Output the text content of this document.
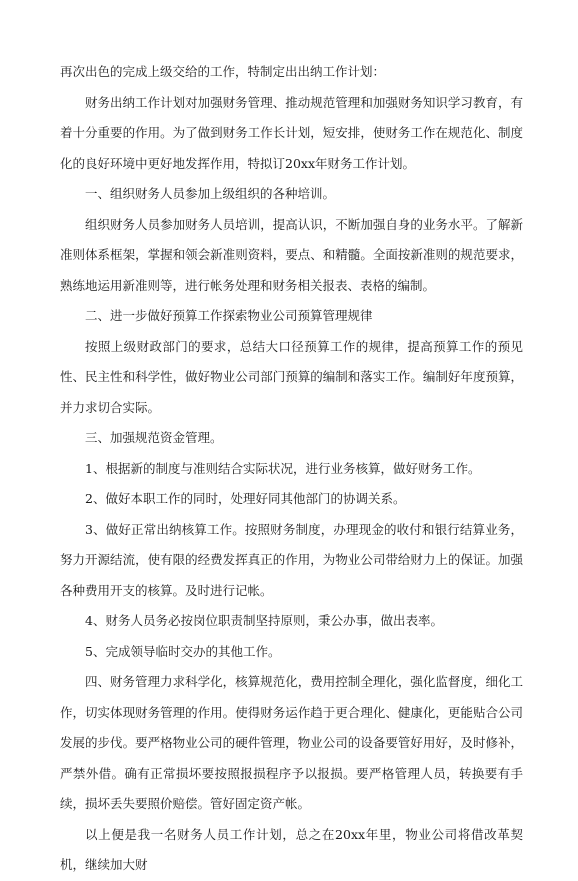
再次出色的完成上级交给的工作，特制定出出纳工作计划：

财务出纳工作计划对加强财务管理、推动规范管理和加强财务知识学习教育，有着十分重要的作用。为了做到财务工作长计划，短安排，使财务工作在规范化、制度化的良好环境中更好地发挥作用，特拟订20xx年财务工作计划。

一、组织财务人员参加上级组织的各种培训。

组织财务人员参加财务人员培训，提高认识，不断加强自身的业务水平。了解新准则体系框架，掌握和领会新准则资料，要点、和精髓。全面按新准则的规范要求，熟练地运用新准则等，进行帐务处理和财务相关报表、表格的编制。

二、进一步做好预算工作探索物业公司预算管理规律

按照上级财政部门的要求，总结大口径预算工作的规律，提高预算工作的预见性、民主性和科学性，做好物业公司部门预算的编制和落实工作。编制好年度预算，并力求切合实际。

三、加强规范资金管理。

1、根据新的制度与准则结合实际状况，进行业务核算，做好财务工作。

2、做好本职工作的同时，处理好同其他部门的协调关系。

3、做好正常出纳核算工作。按照财务制度，办理现金的收付和银行结算业务，努力开源结流，使有限的经费发挥真正的作用，为物业公司带给财力上的保证。加强各种费用开支的核算。及时进行记帐。

4、财务人员务必按岗位职责制坚持原则，秉公办事，做出表率。

5、完成领导临时交办的其他工作。

四、财务管理力求科学化，核算规范化，费用控制全理化，强化监督度，细化工作，切实体现财务管理的作用。使得财务运作趋于更合理化、健康化，更能贴合公司发展的步伐。要严格物业公司的硬件管理，物业公司的设备要管好用好，及时修补，严禁外借。确有正常损坏要按照报损程序予以报损。要严格管理人员，转换要有手续，损坏丢失要照价赔偿。管好固定资产帐。

以上便是我一名财务人员工作计划，总之在20xx年里，物业公司将借改革契机，继续加大财
